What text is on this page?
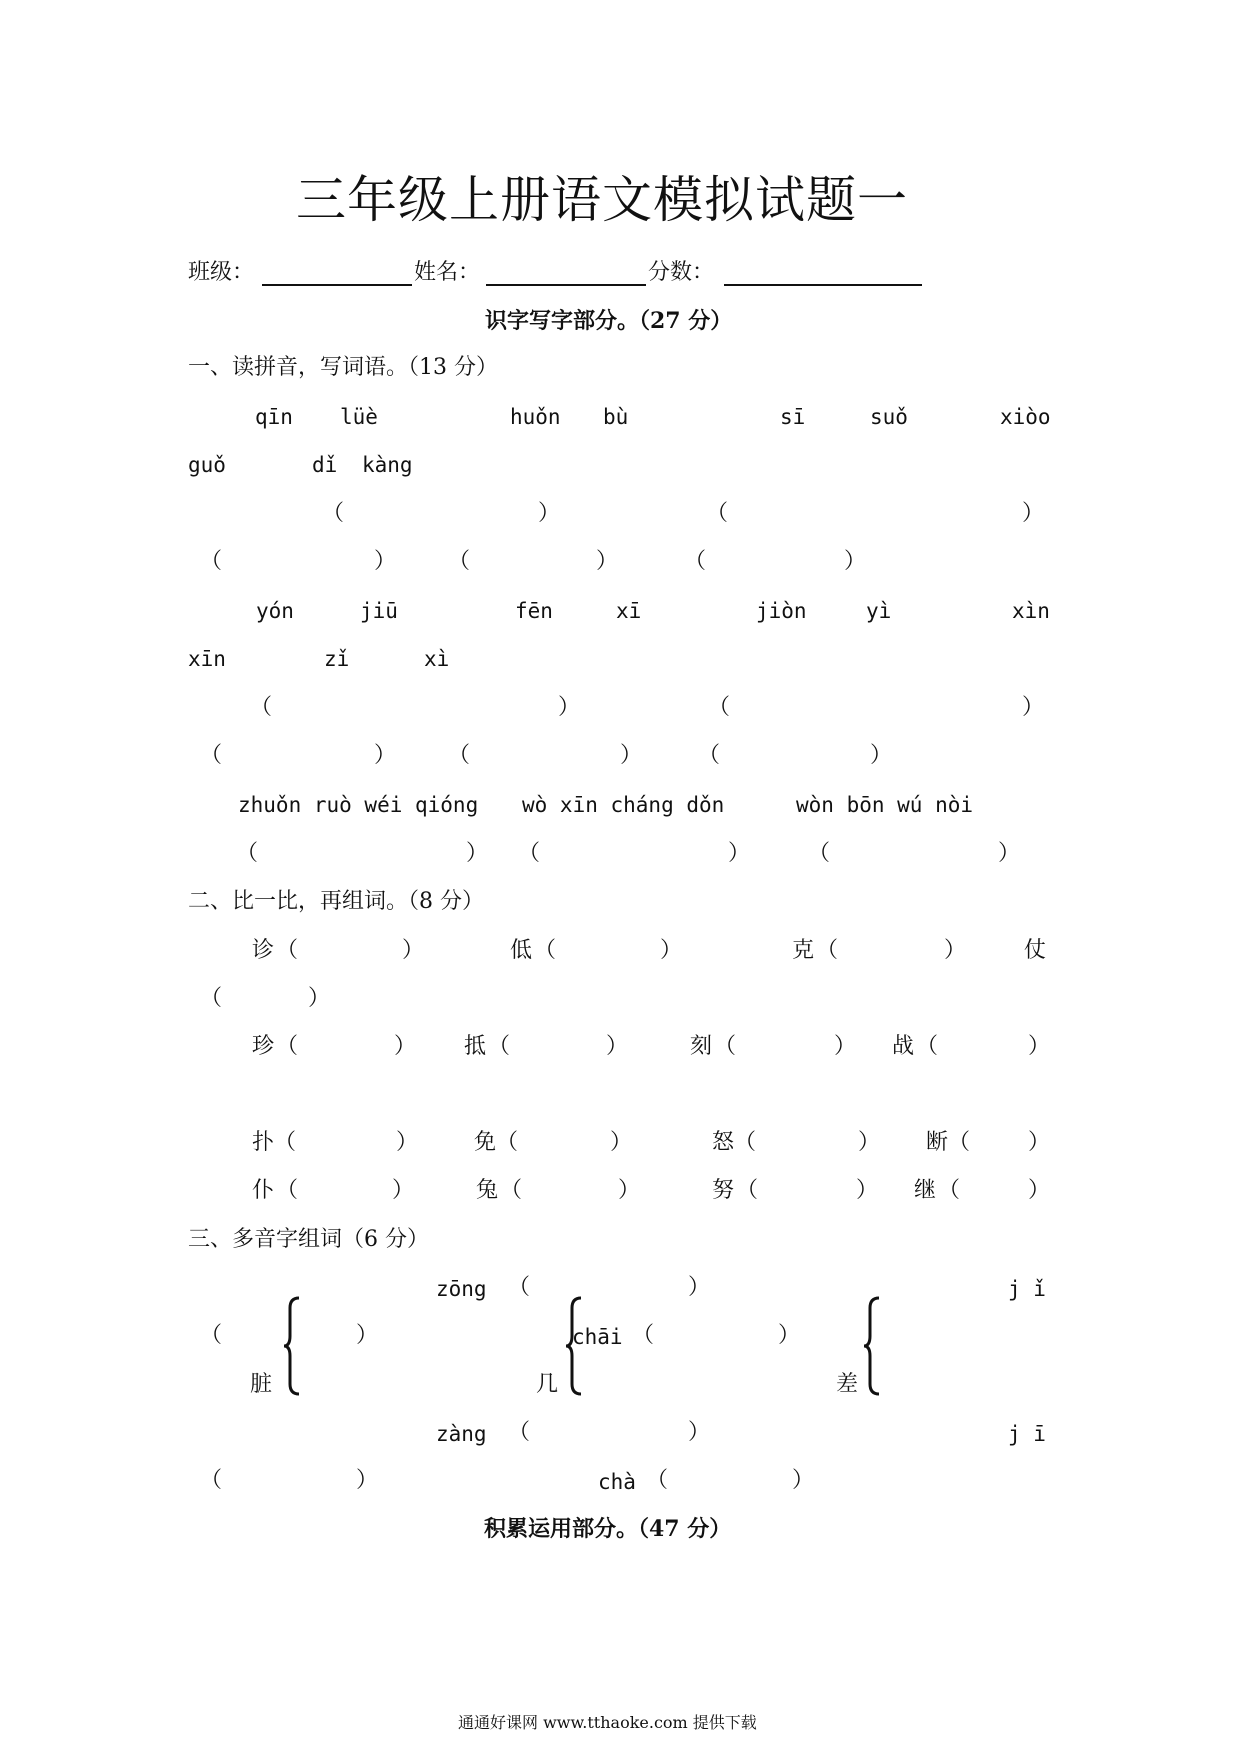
三年级上册语文模拟试题一
班级：	姓名：	分数：
识字写字部分。（27 分）
一、读拼音，写词语。（13 分）
qīn lüè	huǒn bù	sī	suǒ	xiòo
guǒ	dǐ kàng
（	）	（	）
（	） （	）	（	）
yón	jiū	fēn	xī	jiòn	yì	xìn
xīn	zǐ	xì
（	）	（	）
（	） （	）	（	）
zhuǒn ruò wéi qióng wò xīn cháng dǒn	wòn bōn wú nòi
（	） （	）	（	）
二、比一比，再组词。（8 分）
诊 （	）	低 （	）	克 （	）	仗
（	）
珍 （	） 抵 （	）	刻 （	） 战 （	）
扑 （	）	免 （	）	怒 （	） 断 （	）
仆 （	）	兔 （	）	努 （	） 继 （	）
三、多音字组词（6 分）
zōng （	）	j ǐ
（	）	chāi （	）
脏	几	差
zàng （	）	j ī
（	）	chà （	）
积累运用部分。（47 分）
通通好课网 www.tthaoke.com 提供下载
